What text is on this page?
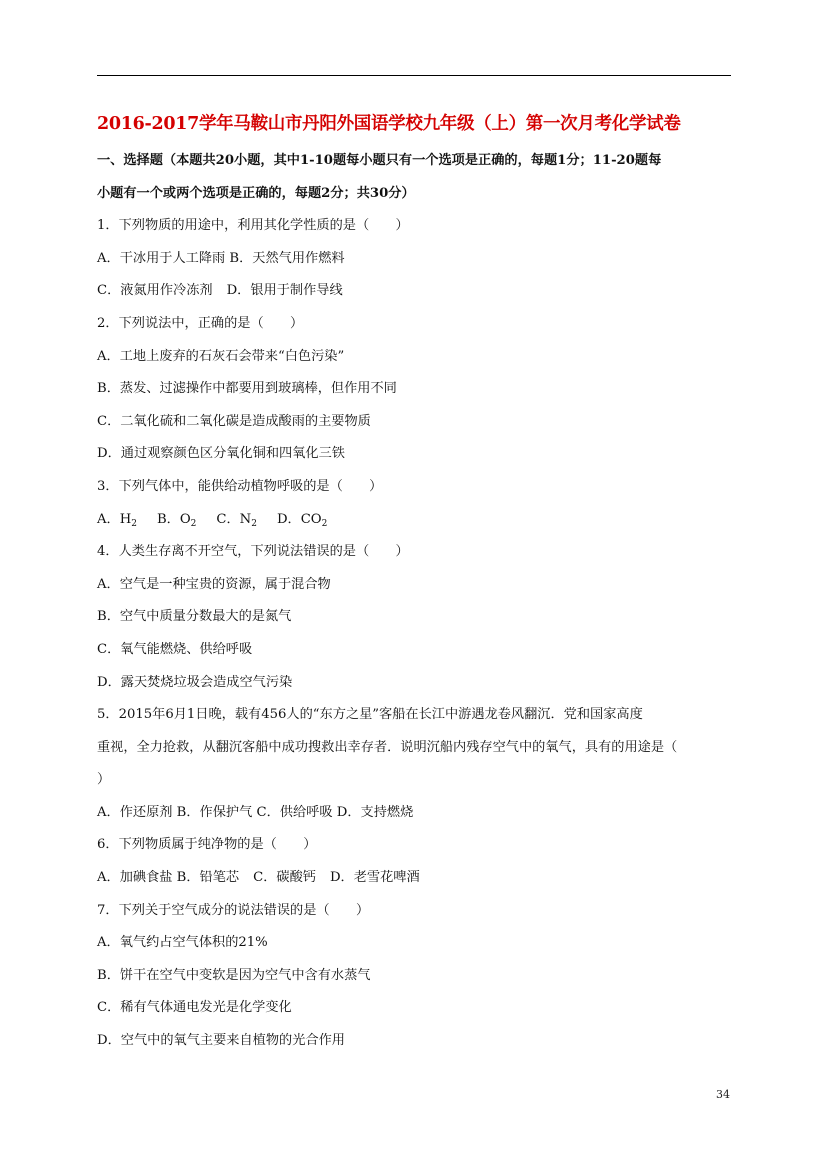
2016-2017学年马鞍山市丹阳外国语学校九年级（上）第一次月考化学试卷
一、选择题（本题共20小题，其中1-10题每小题只有一个选项是正确的，每题1分；11-20题每
小题有一个或两个选项是正确的，每题2分；共30分）
1．下列物质的用途中，利用其化学性质的是（　　）
A．干冰用于人工降雨 B．天然气用作燃料
C．液氮用作冷冻剂 D．银用于制作导线
2．下列说法中，正确的是（　　）
A．工地上废弃的石灰石会带来“白色污染”
B．蒸发、过滤操作中都要用到玻璃棒，但作用不同
C．二氧化硫和二氧化碳是造成酸雨的主要物质
D．通过观察颜色区分氧化铜和四氧化三铁
3．下列气体中，能供给动植物呼吸的是（　　）
A．$H_2$ B．$O_2$ C．$N_2$ D．$CO_2$
4．人类生存离不开空气，下列说法错误的是（　　）
A．空气是一种宝贵的资源，属于混合物
B．空气中质量分数最大的是氮气
C．氧气能燃烧、供给呼吸
D．露天焚烧垃圾会造成空气污染
5．2015年6月1日晚，载有456人的“东方之星”客船在长江中游遇龙卷风翻沉．党和国家高度
重视，全力抢救，从翻沉客船中成功搜救出幸存者．说明沉船内残存空气中的氧气，具有的用途是（
）
A．作还原剂 B．作保护气 C．供给呼吸 D．支持燃烧
6．下列物质属于纯净物的是（　　）
A．加碘食盐 B．铅笔芯 C．碳酸钙 D．老雪花啤酒
7．下列关于空气成分的说法错误的是（　　）
A．氧气约占空气体积的21%
B．饼干在空气中变软是因为空气中含有水蒸气
C．稀有气体通电发光是化学变化
D．空气中的氧气主要来自植物的光合作用
34
